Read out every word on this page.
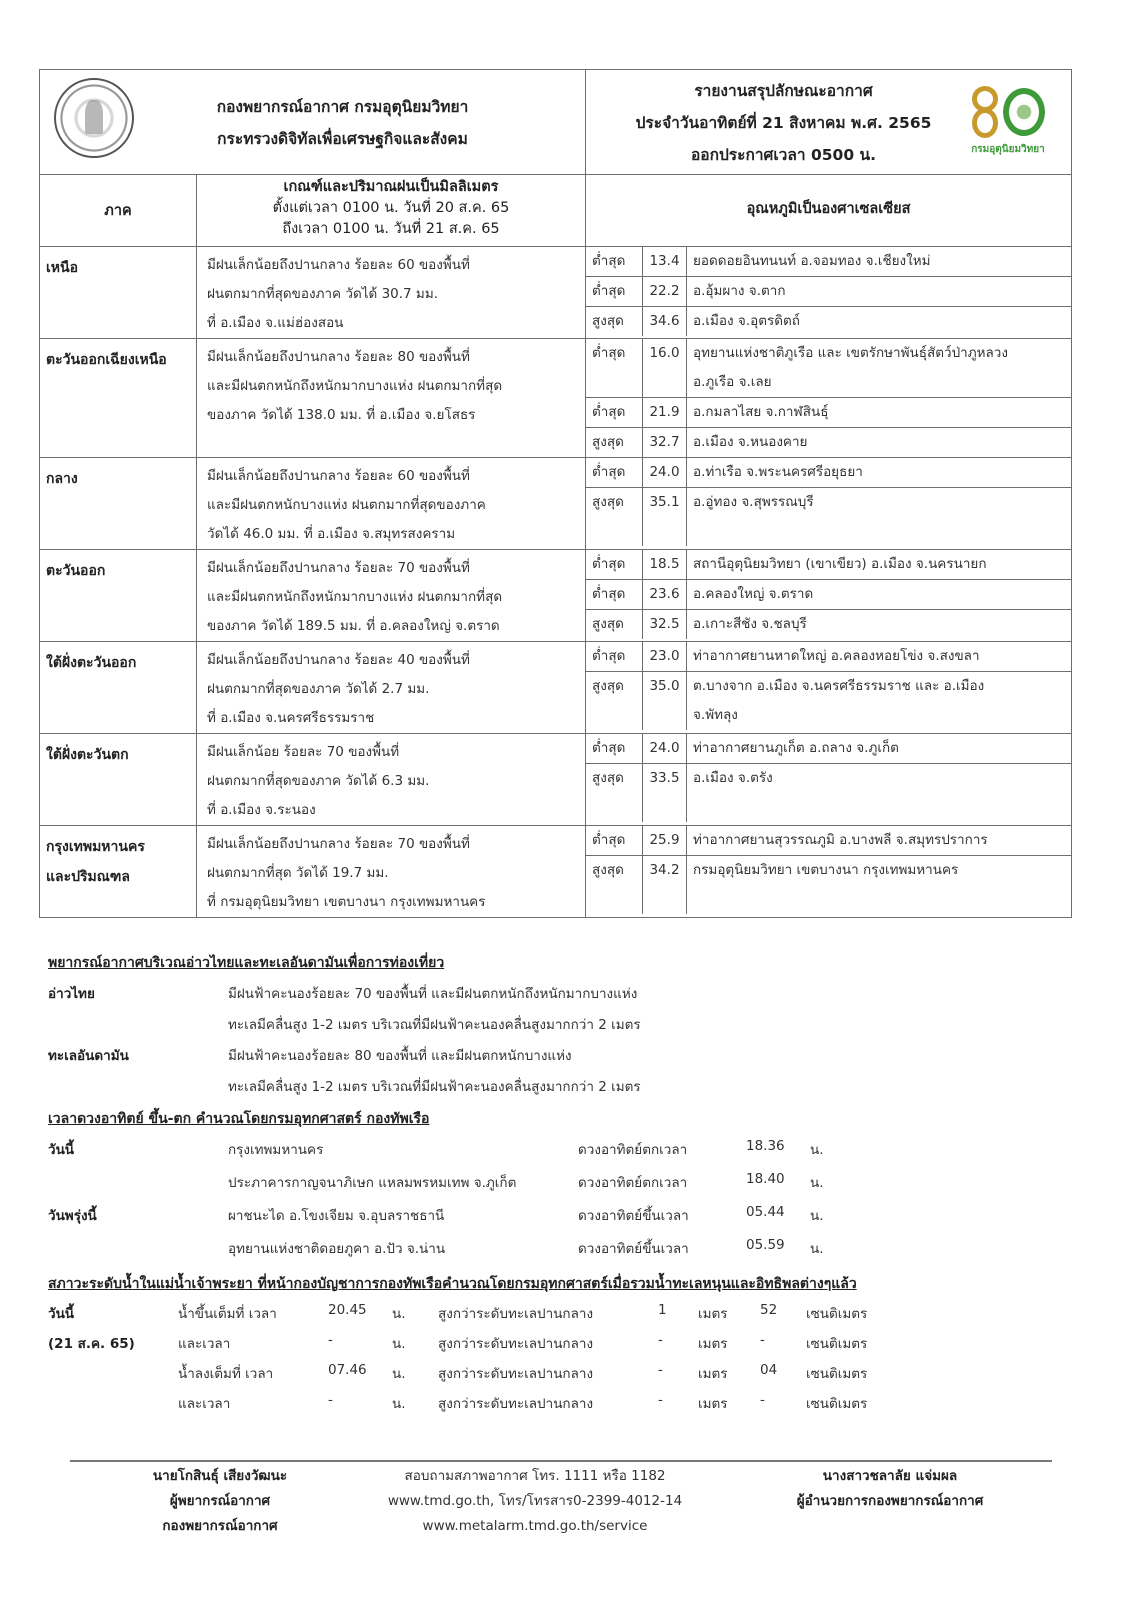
กองพยากรณ์อากาศ กรมอุตุนิยมวิทยา
กระทรวงดิจิทัลเพื่อเศรษฐกิจและสังคม

รายงานสรุปลักษณะอากาศ
ประจำวันอาทิตย์ที่ 21 สิงหาคม พ.ศ. 2565
ออกประกาศเวลา 0500 น.	กรมอุตุนิยมวิทยา

ภาค	
เกณฑ์และปริมาณฝนเป็นมิลลิเมตร
ตั้งแต่เวลา 0100 น. วันที่ 20 ส.ค. 65
ถึงเวลา 0100 น. วันที่ 21 ส.ค. 65
	อุณหภูมิเป็นองศาเซลเซียส

เหนือ	มีฝนเล็กน้อยถึงปานกลาง ร้อยละ 60 ของพื้นที่
ฝนตกมากที่สุดของภาค วัดได้ 30.7 มม.
ที่ อ.เมือง จ.แม่ฮ่องสอน

ต่ำสุด	13.4	ยอดดอยอินทนนท์ อ.จอมทอง จ.เชียงใหม่

ต่ำสุด	22.2	อ.อุ้มผาง จ.ตาก

สูงสุด	34.6	อ.เมือง จ.อุตรดิตถ์

ตะวันออกเฉียงเหนือ	มีฝนเล็กน้อยถึงปานกลาง ร้อยละ 80 ของพื้นที่
และมีฝนตกหนักถึงหนักมากบางแห่ง ฝนตกมากที่สุด
ของภาค วัดได้ 138.0 มม. ที่ อ.เมือง จ.ยโสธร

ต่ำสุด	16.0	อุทยานแห่งชาติภูเรือ และ เขตรักษาพันธุ์สัตว์ป่าภูหลวง
อ.ภูเรือ จ.เลย

ต่ำสุด	21.9	อ.กมลาไสย จ.กาฬสินธุ์

สูงสุด	32.7	อ.เมือง จ.หนองคาย

กลาง	มีฝนเล็กน้อยถึงปานกลาง ร้อยละ 60 ของพื้นที่
และมีฝนตกหนักบางแห่ง ฝนตกมากที่สุดของภาค
วัดได้ 46.0 มม. ที่ อ.เมือง จ.สมุทรสงคราม

ต่ำสุด	24.0	อ.ท่าเรือ จ.พระนครศรีอยุธยา

สูงสุด	35.1	อ.อู่ทอง จ.สุพรรณบุรี

ตะวันออก	มีฝนเล็กน้อยถึงปานกลาง ร้อยละ 70 ของพื้นที่
และมีฝนตกหนักถึงหนักมากบางแห่ง ฝนตกมากที่สุด
ของภาค วัดได้ 189.5 มม. ที่ อ.คลองใหญ่ จ.ตราด

ต่ำสุด	18.5	สถานีอุตุนิยมวิทยา (เขาเขียว) อ.เมือง จ.นครนายก

ต่ำสุด	23.6	อ.คลองใหญ่ จ.ตราด

สูงสุด	32.5	อ.เกาะสีชัง จ.ชลบุรี

ใต้ฝั่งตะวันออก	มีฝนเล็กน้อยถึงปานกลาง ร้อยละ 40 ของพื้นที่
ฝนตกมากที่สุดของภาค วัดได้ 2.7 มม.
ที่ อ.เมือง จ.นครศรีธรรมราช

ต่ำสุด	23.0	ท่าอากาศยานหาดใหญ่ อ.คลองหอยโข่ง จ.สงขลา

สูงสุด	35.0	ต.บางจาก อ.เมือง จ.นครศรีธรรมราช และ อ.เมือง
จ.พัทลุง

ใต้ฝั่งตะวันตก	มีฝนเล็กน้อย ร้อยละ 70 ของพื้นที่
ฝนตกมากที่สุดของภาค วัดได้ 6.3 มม.
ที่ อ.เมือง จ.ระนอง

ต่ำสุด	24.0	ท่าอากาศยานภูเก็ต อ.ถลาง จ.ภูเก็ต

สูงสุด	33.5	อ.เมือง จ.ตรัง

กรุงเทพมหานคร
และปริมณฑล

มีฝนเล็กน้อยถึงปานกลาง ร้อยละ 70 ของพื้นที่
ฝนตกมากที่สุด วัดได้ 19.7 มม.
ที่ กรมอุตุนิยมวิทยา เขตบางนา กรุงเทพมหานคร

ต่ำสุด	25.9	ท่าอากาศยานสุวรรณภูมิ อ.บางพลี จ.สมุทรปราการ

สูงสุด	34.2	กรมอุตุนิยมวิทยา เขตบางนา กรุงเทพมหานคร
พยากรณ์อากาศบริเวณอ่าวไทยและทะเลอันดามันเพื่อการท่องเที่ยว
อ่าวไทย	มีฝนฟ้าคะนองร้อยละ 70 ของพื้นที่ และมีฝนตกหนักถึงหนักมากบางแห่ง
ทะเลมีคลื่นสูง 1-2 เมตร บริเวณที่มีฝนฟ้าคะนองคลื่นสูงมากกว่า 2 เมตร
ทะเลอันดามัน	มีฝนฟ้าคะนองร้อยละ 80 ของพื้นที่ และมีฝนตกหนักบางแห่ง
ทะเลมีคลื่นสูง 1-2 เมตร บริเวณที่มีฝนฟ้าคะนองคลื่นสูงมากกว่า 2 เมตร
เวลาดวงอาทิตย์ ขึ้น-ตก คำนวณโดยกรมอุทกศาสตร์ กองทัพเรือ
วันนี้	กรุงเทพมหานคร	ดวงอาทิตย์ตกเวลา	18.36 น.
ประภาคารกาญจนาภิเษก แหลมพรหมเทพ จ.ภูเก็ต	ดวงอาทิตย์ตกเวลา	18.40 น.
วันพรุ่งนี้	ผาชนะได อ.โขงเจียม จ.อุบลราชธานี	ดวงอาทิตย์ขึ้นเวลา	05.44 น.
อุทยานแห่งชาติดอยภูคา อ.ปัว จ.น่าน	ดวงอาทิตย์ขึ้นเวลา	05.59 น.
สภาวะระดับน้ำในแม่น้ำเจ้าพระยา ที่หน้ากองบัญชาการกองทัพเรือคำนวณโดยกรมอุทกศาสตร์เมื่อรวมน้ำทะเลหนุนและอิทธิพลต่างๆแล้ว
วันนี้
(21 ส.ค. 65)
น้ำขึ้นเต็มที่ เวลา	20.45 น. สูงกว่าระดับทะเลปานกลาง	1 เมตร 52 เซนติเมตร
และเวลา	-	น. สูงกว่าระดับทะเลปานกลาง	-	เมตร -	เซนติเมตร
น้ำลงเต็มที่ เวลา	07.46 น. สูงกว่าระดับทะเลปานกลาง	-	เมตร 04 เซนติเมตร
และเวลา	-	น. สูงกว่าระดับทะเลปานกลาง	-	เมตร -	เซนติเมตร
นายโกสินธุ์ เสียงวัฒนะ
ผู้พยากรณ์อากาศ
กองพยากรณ์อากาศ
สอบถามสภาพอากาศ โทร. 1111 หรือ 1182
www.tmd.go.th, โทร/โทรสาร0-2399-4012-14
www.metalarm.tmd.go.th/service
นางสาวชลาลัย แจ่มผล
ผู้อำนวยการกองพยากรณ์อากาศ
